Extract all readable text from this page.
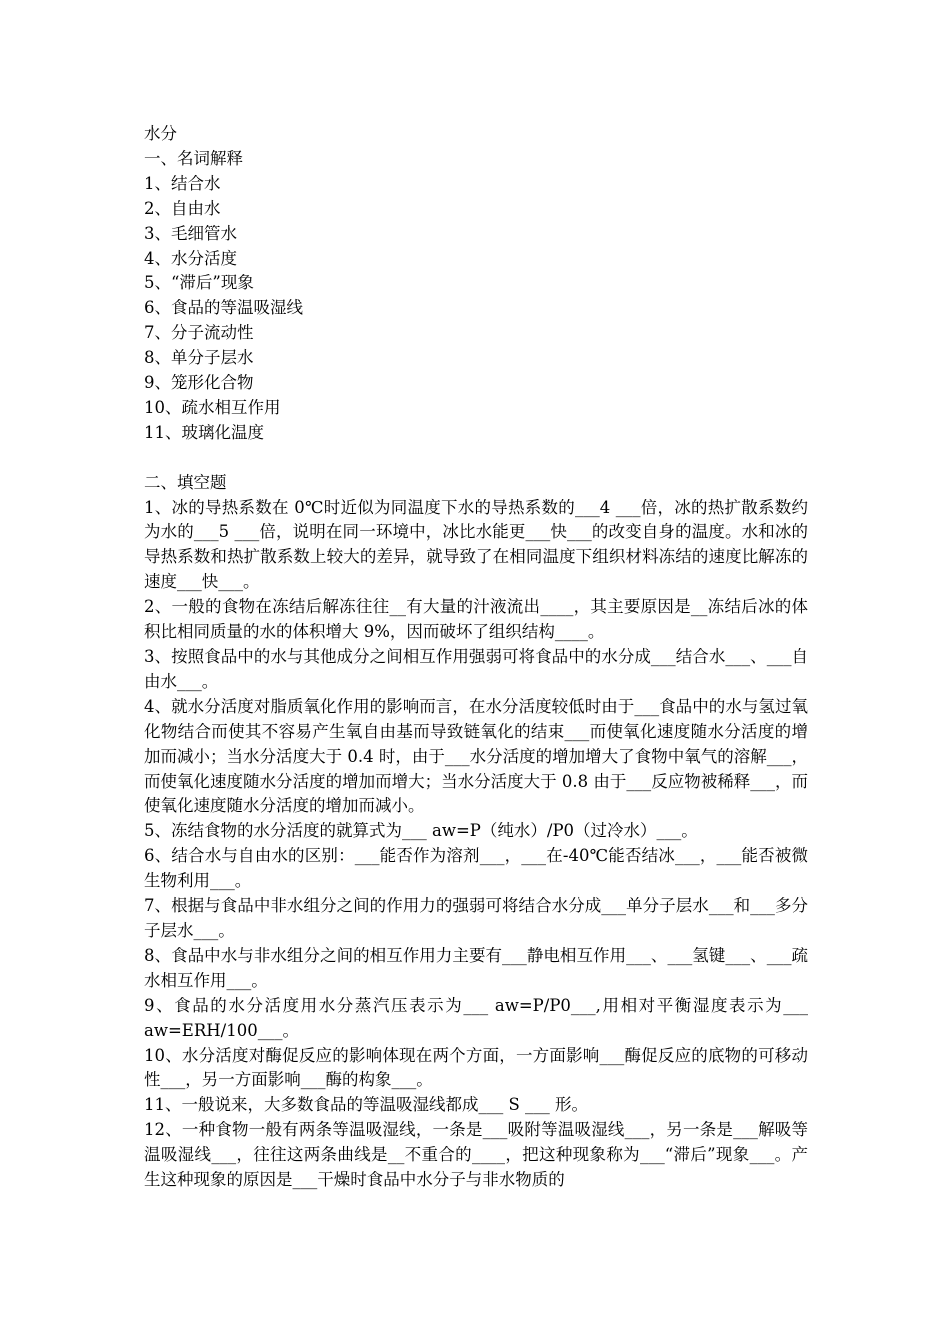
水分
一、名词解释
1、结合水
2、自由水
3、毛细管水
4、水分活度
5、“滞后”现象
6、食品的等温吸湿线
7、分子流动性
8、单分子层水
9、笼形化合物
10、疏水相互作用
11、玻璃化温度
二、填空题
1、冰的导热系数在 0℃时近似为同温度下水的导热系数的___4 ___倍，冰的热扩散系数约为水的___5 ___倍，说明在同一环境中，冰比水能更___快___的改变自身的温度。水和冰的导热系数和热扩散系数上较大的差异，就导致了在相同温度下组织材料冻结的速度比解冻的速度___快___。
2、一般的食物在冻结后解冻往往__有大量的汁液流出____，其主要原因是__冻结后冰的体积比相同质量的水的体积增大 9%，因而破坏了组织结构____。
3、按照食品中的水与其他成分之间相互作用强弱可将食品中的水分成___结合水___、___自由水___。
4、就水分活度对脂质氧化作用的影响而言，在水分活度较低时由于___食品中的水与氢过氧化物结合而使其不容易产生氧自由基而导致链氧化的结束___而使氧化速度随水分活度的增加而减小；当水分活度大于 0.4 时，由于___水分活度的增加增大了食物中氧气的溶解___，而使氧化速度随水分活度的增加而增大；当水分活度大于 0.8 由于___反应物被稀释___，而使氧化速度随水分活度的增加而减小。
5、冻结食物的水分活度的就算式为___ aw=P（纯水）/P0（过冷水）___。
6、结合水与自由水的区别：___能否作为溶剂___，___在-40℃能否结冰___，___能否被微生物利用___。
7、根据与食品中非水组分之间的作用力的强弱可将结合水分成___单分子层水___和___多分子层水___。
8、食品中水与非水组分之间的相互作用力主要有___静电相互作用___、___氢键___、___疏水相互作用___。
9、食品的水分活度用水分蒸汽压表示为___ aw=P/P0___,用相对平衡湿度表示为___ aw=ERH/100___。
10、水分活度对酶促反应的影响体现在两个方面，一方面影响___酶促反应的底物的可移动性___，另一方面影响___酶的构象___。
11、一般说来，大多数食品的等温吸湿线都成___ S ___ 形。
12、一种食物一般有两条等温吸湿线，一条是___吸附等温吸湿线___，另一条是___解吸等温吸湿线___，往往这两条曲线是__不重合的____，把这种现象称为___“滞后”现象___。产生这种现象的原因是___干燥时食品中水分子与非水物质的
